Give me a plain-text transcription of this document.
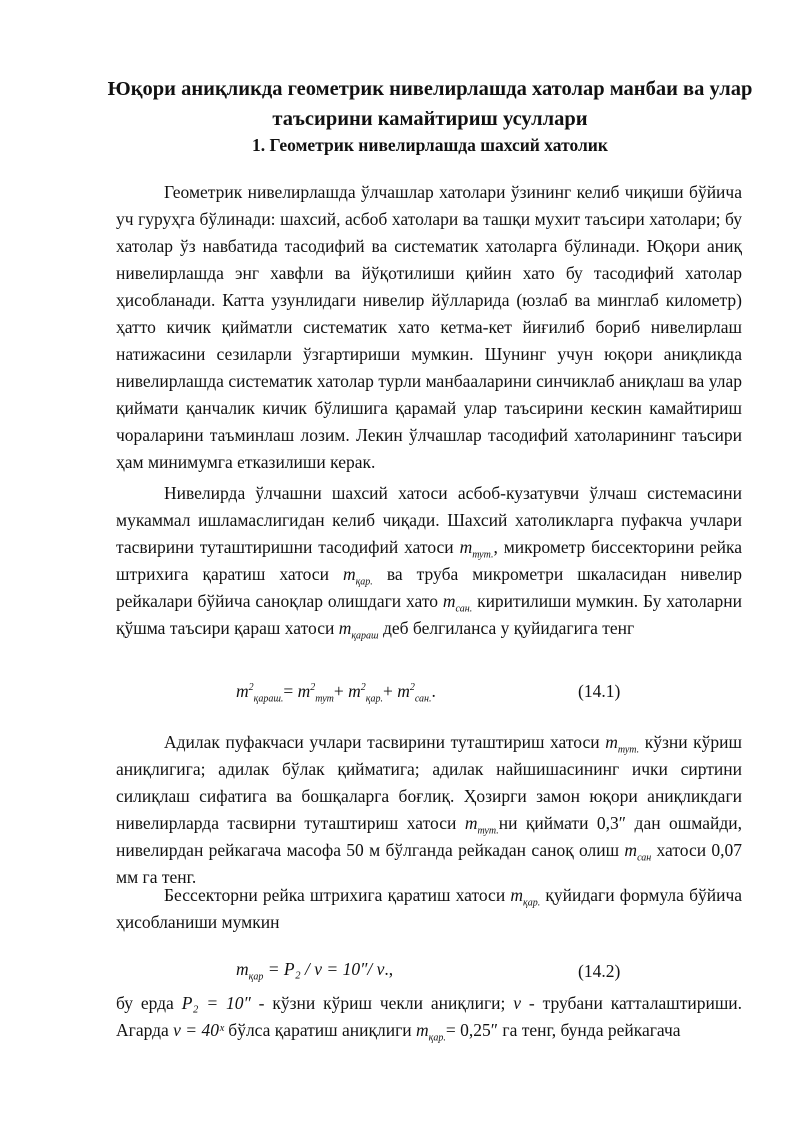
Юқори аниқликда геометрик нивелирлашда хатолар манбаи ва улар таъсирини камайтириш усуллари
1. Геометрик нивелирлашда шахсий хатолик

Геометрик нивелирлашда ўлчашлар хатолари ўзининг келиб чиқиши бўйича уч гуруҳга бўлинади: шахсий, асбоб хатолари ва ташқи мухит таъсири хатолари; бу хатолар ўз навбатида тасодифий ва систематик хатоларга бўлинади. Юқори аниқ нивелирлашда энг хавфли ва йўқотилиши қийин хато бу тасодифий хатолар ҳисобланади. Катта узунлидаги нивелир йўлларида (юзлаб ва минглаб километр) ҳатто кичик қийматли систематик хато кетма-кет йиғилиб бориб нивелирлаш натижасини сезиларли ўзгартириши мумкин. Шунинг учун юқори аниқликда нивелирлашда систематик хатолар турли манбааларини синчиклаб аниқлаш ва улар қиймати қанчалик кичик бўлишига қарамай улар таъсирини кескин камайтириш чораларини таъминлаш лозим. Лекин ўлчашлар тасодифий хатоларининг таъсири ҳам минимумга етказилиши керак.

Нивелирда ўлчашни шахсий хатоси асбоб-кузатувчи ўлчаш системасини мукаммал ишламаслигидан келиб чиқади. Шахсий хатоликларга пуфакча учлари тасвирини туташтиришни тасодифий хатоси $m_{тут.}$, микрометр биссекторини рейка штрихига қаратиш хатоси $m_{қар.}$ ва труба микрометри шкаласидан нивелир рейкалари бўйича саноқлар олишдаги хато $m_{сан.}$ киритилиши мумкин. Бу хатоларни қўшма таъсири қараш хатоси $m_{қараш}$ деб белгиланса у қуйидагига тенг

$m^2_{қараш.}= m^2_{тут}+ m^2_{қар.}+ m^2_{сан.}$.	(14.1)

Адилак пуфакчаси учлари тасвирини туташтириш хатоси $m_{тут.}$ кўзни кўриш аниқлигига; адилак бўлак қийматига; адилак найшишасининг ички сиртини силиқлаш сифатига ва бошқаларга боғлиқ. Ҳозирги замон юқори аниқликдаги нивелирларда тасвирни туташтириш хатоси $m_{тут.}ни$ қиймати 0,3″ дан ошмайди, нивелирдан рейкагача масофа 50 м бўлганда рейкадан саноқ олиш $m_{сан}$ хатоси 0,07 мм га тенг.

Бессекторни рейка штрихига қаратиш хатоси $m_{қар.}$ қуйидаги формула бўйича ҳисобланиши мумкин

$m_{қар} = P_2 / v = 10''/$ v.,	(14.2)

бу ерда P₂ = 10″ - кўзни кўриш чекли аниқлиги; v - трубани катталаштириши. Агарда v = 40ˣ бўлса қаратиш аниқлиги $m_{қар.}= 0,25''$ га тенг, бунда рейкагача
